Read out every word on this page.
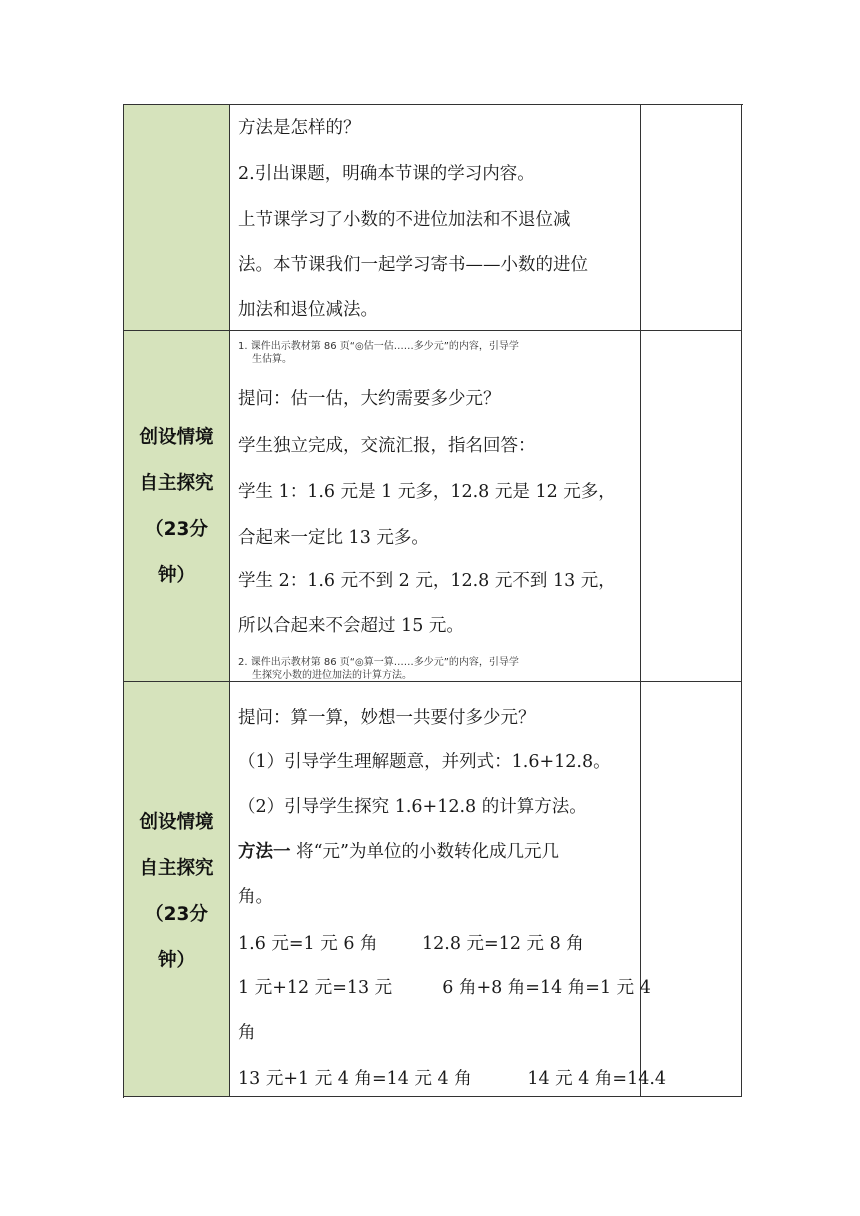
方法是怎样的？
2.引出课题，明确本节课的学习内容。
上节课学习了小数的不进位加法和不退位减
法。本节课我们一起学习寄书——小数的进位
加法和退位减法。
创设情境
自主探究
（23分
钟）
1. 课件出示教材第 86 页“◎估一估……多少元”的内容，引导学
生估算。
提问：估一估，大约需要多少元？
学生独立完成，交流汇报，指名回答：
学生 1：1.6 元是 1 元多，12.8 元是 12 元多，
合起来一定比 13 元多。
学生 2：1.6 元不到 2 元，12.8 元不到 13 元，
所以合起来不会超过 15 元。
2. 课件出示教材第 86 页“◎算一算……多少元”的内容，引导学
生探究小数的进位加法的计算方法。
创设情境
自主探究
（23分
钟）
提问：算一算，妙想一共要付多少元？
（1）引导学生理解题意，并列式：1.6+12.8。
（2）引导学生探究 1.6+12.8 的计算方法。
方法一 将“元”为单位的小数转化成几元几
角。
1.6 元=1 元 6 角        12.8 元=12 元 8 角
1 元+12 元=13 元         6 角+8 角=14 角=1 元 4
角
13 元+1 元 4 角=14 元 4 角          14 元 4 角=14.4
